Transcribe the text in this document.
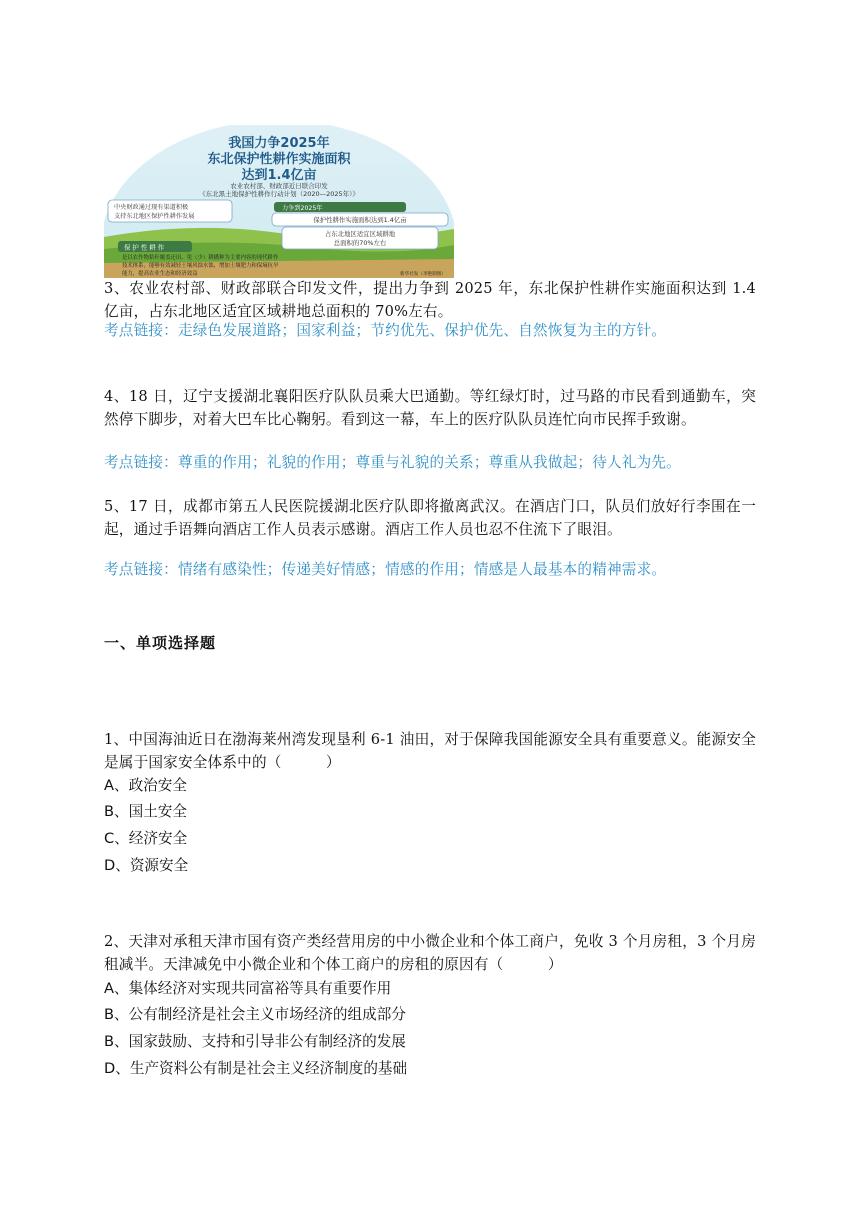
我国力争2025年
东北保护性耕作实施面积
达到1.4亿亩
农业农村部、财政部近日联合印发
《东北黑土地保护性耕作行动计划（2020—2025年）》
中央财政通过现有渠道积极
支持东北地区保护性耕作发展
力争到2025年
保护性耕作实施面积达到1.4亿亩
占东北地区适宜区域耕地
总面积的70%左右
保 护 性 耕 作
是以农作物秸秆覆盖还田、免（少）耕播种为主要内容的现代耕作
技术体系，能够有效减轻土壤风蚀水蚀、增加土壤肥力和保墒抗旱
能力，提高农业生态和经济效益	新华社发（李艳制图）
3、农业农村部、财政部联合印发文件，提出力争到 2025 年，东北保护性耕作实施面积达到 1.4 亿亩，占东北地区适宜区域耕地总面积的 70%左右。
考点链接：走绿色发展道路；国家利益；节约优先、保护优先、自然恢复为主的方针。
4、18 日，辽宁支援湖北襄阳医疗队队员乘大巴通勤。等红绿灯时，过马路的市民看到通勤车，突然停下脚步，对着大巴车比心鞠躬。看到这一幕，车上的医疗队队员连忙向市民挥手致谢。
考点链接：尊重的作用；礼貌的作用；尊重与礼貌的关系；尊重从我做起；待人礼为先。
5、17 日，成都市第五人民医院援湖北医疗队即将撤离武汉。在酒店门口，队员们放好行李围在一起，通过手语舞向酒店工作人员表示感谢。酒店工作人员也忍不住流下了眼泪。
考点链接：情绪有感染性；传递美好情感；情感的作用；情感是人最基本的精神需求。
一、单项选择题
1、中国海油近日在渤海莱州湾发现垦利 6-1 油田，对于保障我国能源安全具有重要意义。能源安全是属于国家安全体系中的（　　　）
A、政治安全
B、国土安全
C、经济安全
D、资源安全
2、天津对承租天津市国有资产类经营用房的中小微企业和个体工商户，免收 3 个月房租，3 个月房租减半。天津减免中小微企业和个体工商户的房租的原因有（　　　）
A、集体经济对实现共同富裕等具有重要作用
B、公有制经济是社会主义市场经济的组成部分
B、国家鼓励、支持和引导非公有制经济的发展
D、生产资料公有制是社会主义经济制度的基础
